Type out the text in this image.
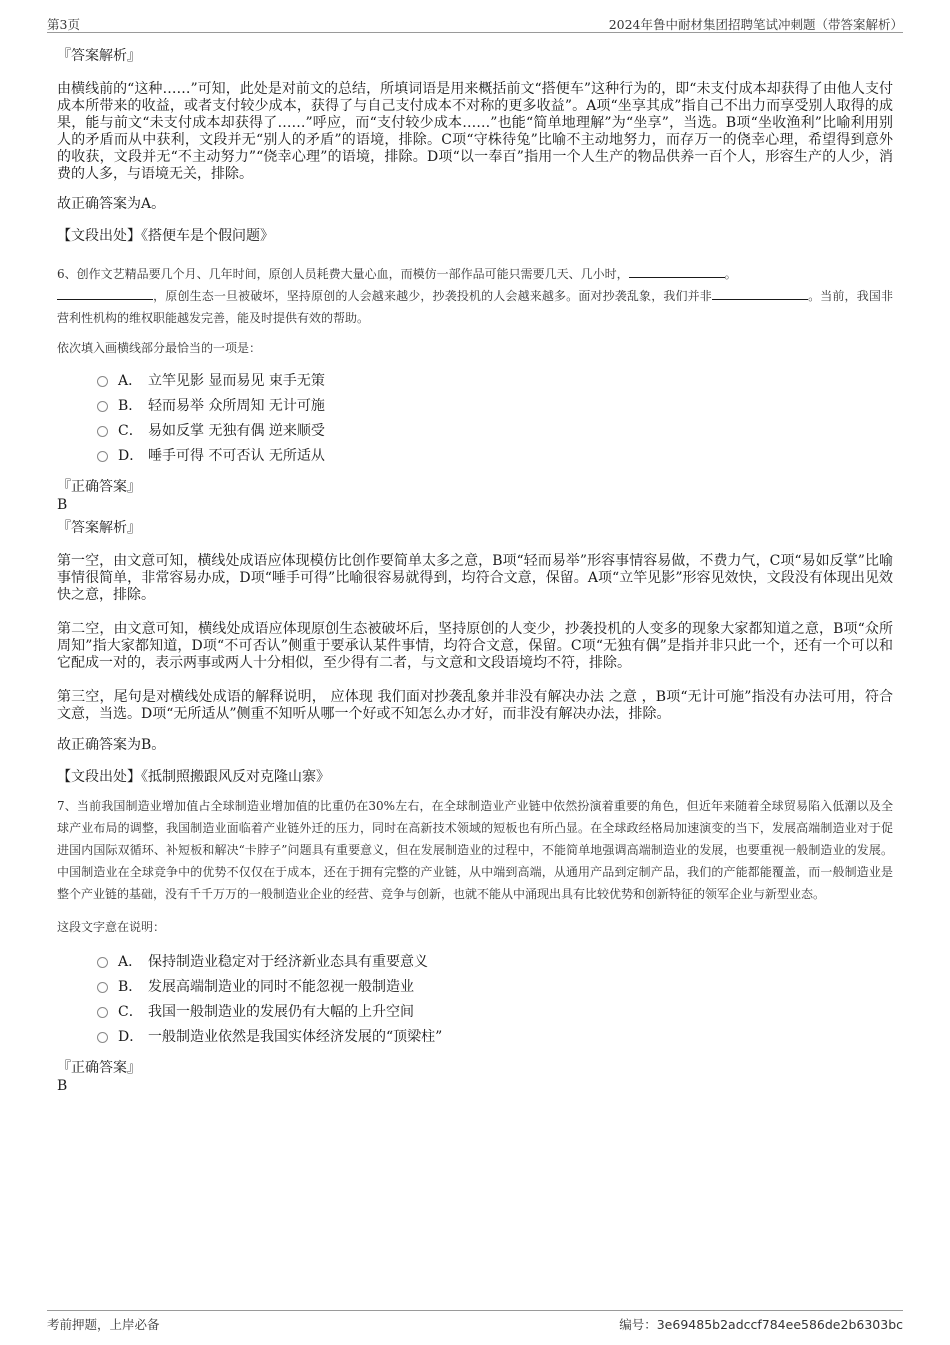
第3页	2024年鲁中耐材集团招聘笔试冲刺题（带答案解析）

『答案解析』

由横线前的“这种……”可知，此处是对前文的总结，所填词语是用来概括前文“搭便车”这种行为的，即“未支付成本却获得了由他人支付成本所带来的收益，或者支付较少成本，获得了与自己支付成本不对称的更多收益”。A项“坐享其成”指自己不出力而享受别人取得的成果，能与前文“未支付成本却获得了……”呼应，而“支付较少成本……”也能“简单地理解”为“坐享”，当选。B项“坐收渔利”比喻利用别人的矛盾而从中获利，文段并无“别人的矛盾”的语境，排除。C项“守株待兔”比喻不主动地努力，而存万一的侥幸心理，希望得到意外的收获，文段并无“不主动努力”“侥幸心理”的语境，排除。D项“以一奉百”指用一个人生产的物品供养一百个人，形容生产的人少，消费的人多，与语境无关，排除。

故正确答案为A。

【文段出处】《搭便车是个假问题》

6、创作文艺精品要几个月、几年时间，原创人员耗费大量心血，而模仿一部作品可能只需要几天、几小时，	。
，原创生态一旦被破坏，坚持原创的人会越来越少，抄袭投机的人会越来越多。面对抄袭乱象，我们并非	。当前，我国非营利性机构的维权职能越发完善，能及时提供有效的帮助。

依次填入画横线部分最恰当的一项是：

A． 立竿见影 显而易见 束手无策
B． 轻而易举 众所周知 无计可施
C． 易如反掌 无独有偶 逆来顺受
D． 唾手可得 不可否认 无所适从

『正确答案』

B

『答案解析』

第一空，由文意可知，横线处成语应体现模仿比创作要简单太多之意，B项“轻而易举”形容事情容易做，不费力气，C项“易如反掌”比喻事情很简单，非常容易办成，D项“唾手可得”比喻很容易就得到，均符合文意，保留。A项“立竿见影”形容见效快，文段没有体现出见效快之意，排除。

第二空，由文意可知，横线处成语应体现原创生态被破坏后，坚持原创的人变少，抄袭投机的人变多的现象大家都知道之意，B项“众所周知”指大家都知道，D项“不可否认”侧重于要承认某件事情，均符合文意，保留。C项“无独有偶”是指并非只此一个，还有一个可以和它配成一对的，表示两事或两人十分相似，至少得有二者，与文意和文段语境均不符，排除。

第三空，尾句是对横线处成语的解释说明， 应体现 我们面对抄袭乱象并非没有解决办法 之意 ，B项“无计可施”指没有办法可用，符合文意，当选。D项“无所适从”侧重不知听从哪一个好或不知怎么办才好，而非没有解决办法，排除。

故正确答案为B。

【文段出处】《抵制照搬跟风反对克隆山寨》

7、当前我国制造业增加值占全球制造业增加值的比重仍在30%左右，在全球制造业产业链中依然扮演着重要的角色，但近年来随着全球贸易陷入低潮以及全球产业布局的调整，我国制造业面临着产业链外迁的压力，同时在高新技术领域的短板也有所凸显。在全球政经格局加速演变的当下，发展高端制造业对于促进国内国际双循环、补短板和解决“卡脖子”问题具有重要意义，但在发展制造业的过程中，不能简单地强调高端制造业的发展，也要重视一般制造业的发展。中国制造业在全球竞争中的优势不仅仅在于成本，还在于拥有完整的产业链，从中端到高端，从通用产品到定制产品，我们的产能都能覆盖，而一般制造业是整个产业链的基础，没有千千万万的一般制造业企业的经营、竞争与创新，也就不能从中涌现出具有比较优势和创新特征的领军企业与新型业态。

这段文字意在说明：

A． 保持制造业稳定对于经济新业态具有重要意义
B． 发展高端制造业的同时不能忽视一般制造业
C． 我国一般制造业的发展仍有大幅的上升空间
D． 一般制造业依然是我国实体经济发展的“顶梁柱”

『正确答案』

B

考前押题，上岸必备	编号：3e69485b2adccf784ee586de2b6303bc
